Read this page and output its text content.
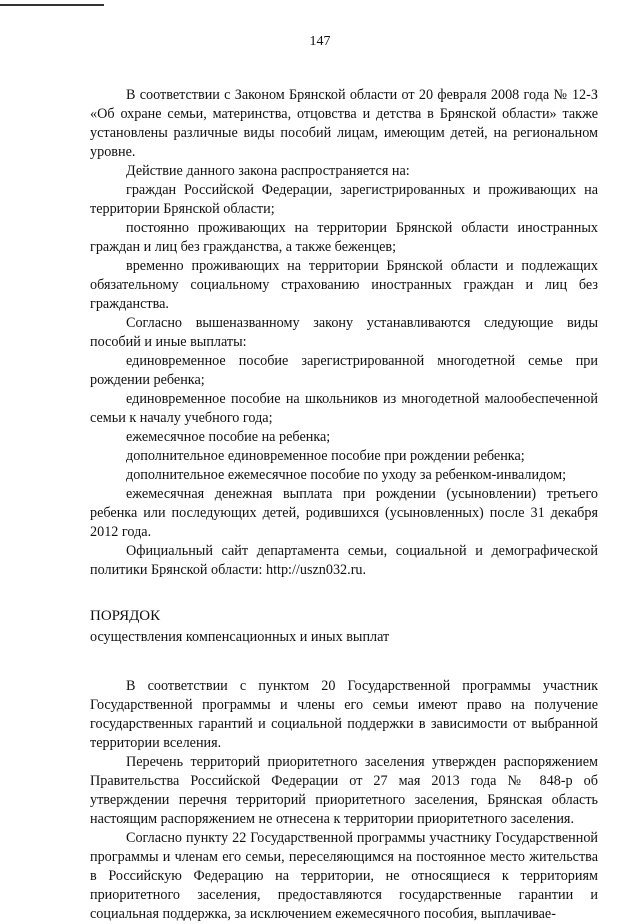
147

В соответствии с Законом Брянской области от 20 февраля 2008 года № 12-З «Об охране семьи, материнства, отцовства и детства в Брянской области» также установлены различные виды пособий лицам, имеющим детей, на региональном уровне.

Действие данного закона распространяется на:

граждан Российской Федерации, зарегистрированных и проживающих на территории Брянской области;

постоянно проживающих на территории Брянской области иностранных граждан и лиц без гражданства, а также беженцев;

временно проживающих на территории Брянской области и подлежащих обязательному социальному страхованию иностранных граждан и лиц без гражданства.

Согласно вышеназванному закону устанавливаются следующие виды пособий и иные выплаты:

единовременное пособие зарегистрированной многодетной семье при рождении ребенка;

единовременное пособие на школьников из многодетной малообеспеченной семьи к началу учебного года;

ежемесячное пособие на ребенка;

дополнительное единовременное пособие при рождении ребенка;

дополнительное ежемесячное пособие по уходу за ребенком-инвалидом;

ежемесячная денежная выплата при рождении (усыновлении) третьего ребенка или последующих детей, родившихся (усыновленных) после 31 декабря 2012 года.

Официальный сайт департамента семьи, социальной и демографической политики Брянской области: http://uszn032.ru.

ПОРЯДОК

осуществления компенсационных и иных выплат

В соответствии с пунктом 20 Государственной программы участник Государственной программы и члены его семьи имеют право на получение государственных гарантий и социальной поддержки в зависимости от выбранной территории вселения.

Перечень территорий приоритетного заселения утвержден распоряжением Правительства Российской Федерации от 27 мая 2013 года № 848-р об утверждении перечня территорий приоритетного заселения, Брянская область настоящим распоряжением не отнесена к территории приоритетного заселения.

Согласно пункту 22 Государственной программы участнику Государственной программы и членам его семьи, переселяющимся на постоянное место жительства в Российскую Федерацию на территории, не относящиеся к территориям приоритетного заселения, предоставляются государственные гарантии и социальная поддержка, за исключением ежемесячного пособия, выплачивае-
